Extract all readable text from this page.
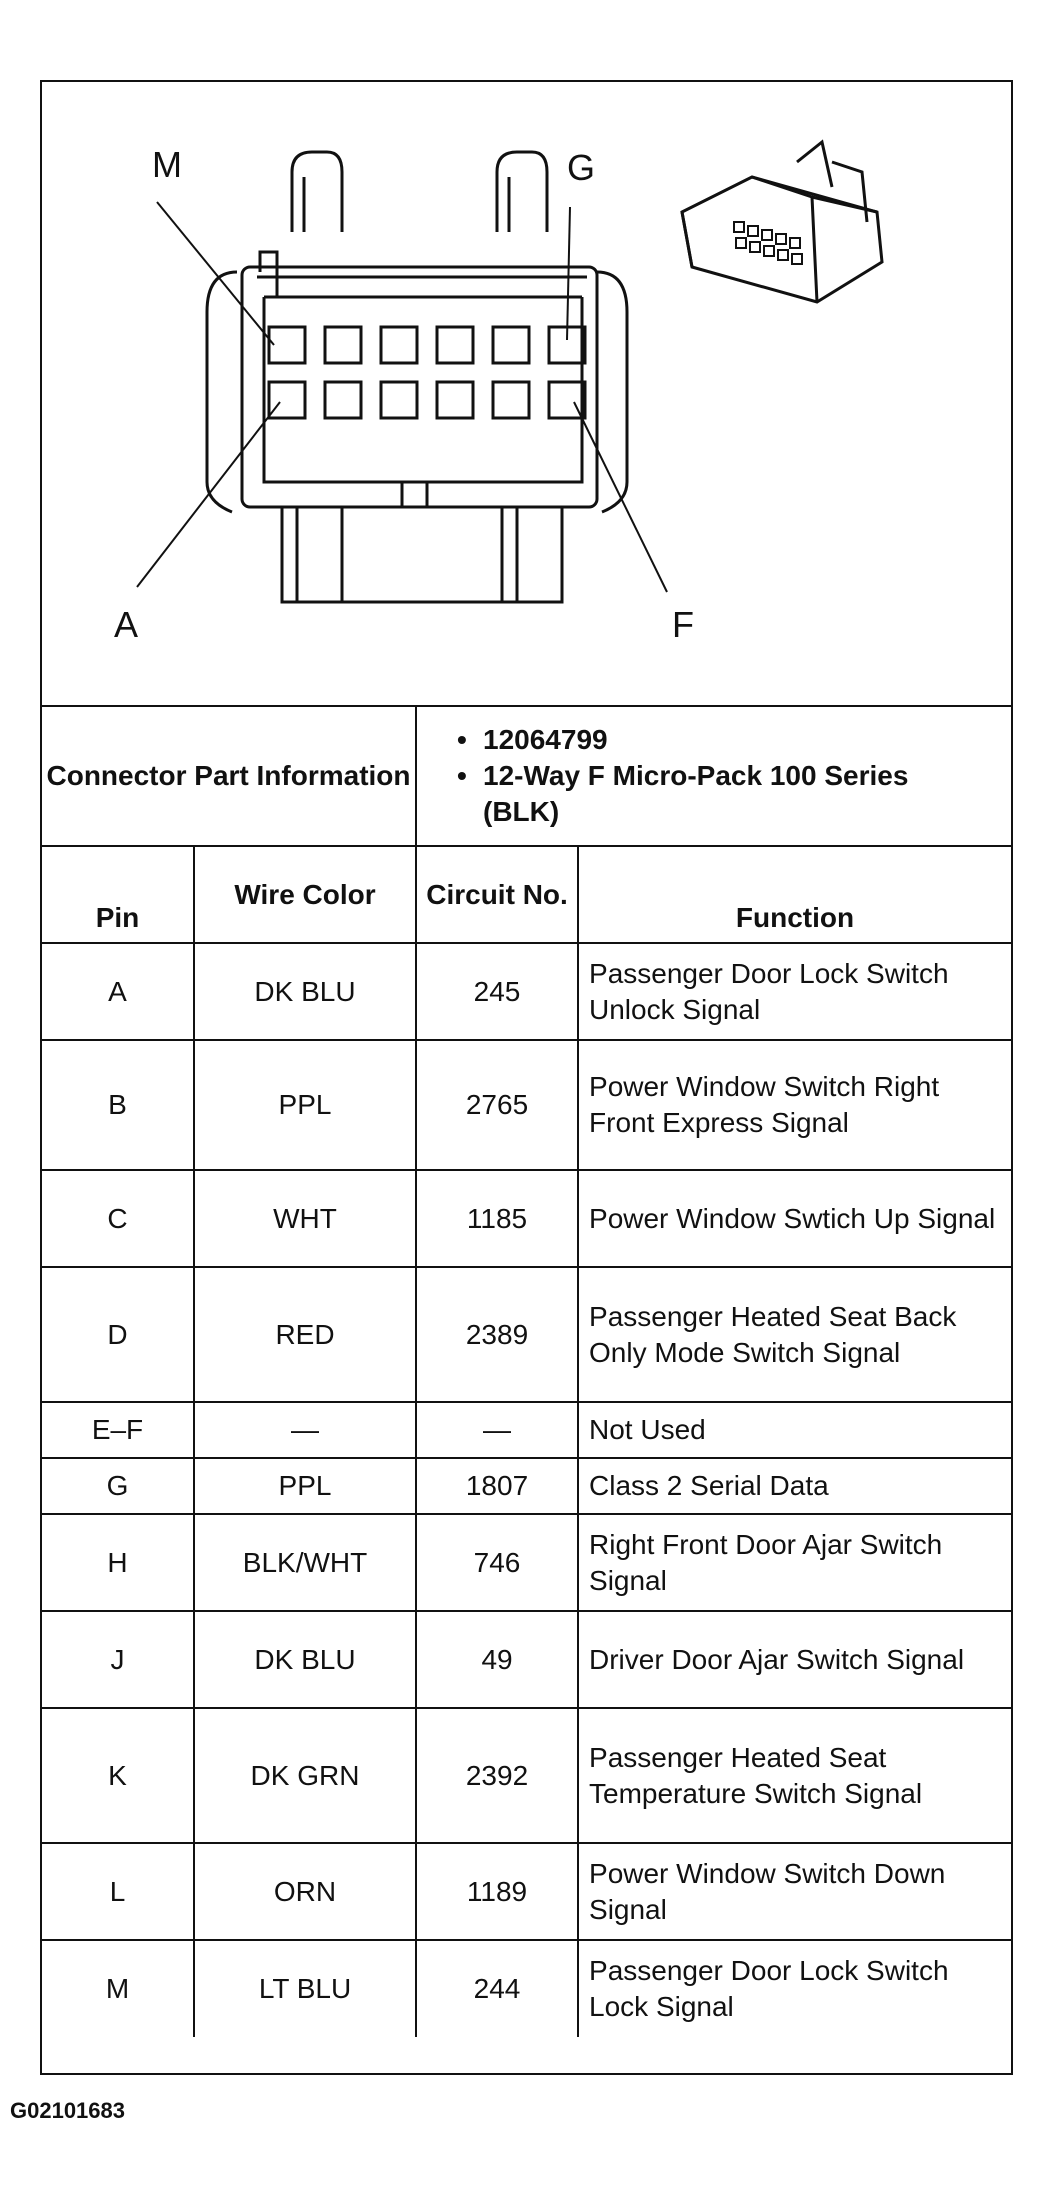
M	G
A	F
Connector Part Information		• 12064799
• 12-Way F Micro-Pack 100 Series (BLK)	

Pin	Wire Color	Circuit No.	Function
A	DK BLU	245	Passenger Door Lock Switch Unlock Signal
B	PPL	2765	Power Window Switch Right Front Express Signal
C	WHT	1185	Power Window Swtich Up Signal
D	RED	2389	Passenger Heated Seat Back Only Mode Switch Signal
E–F	—	—	Not Used
G	PPL	1807	Class 2 Serial Data
H	BLK/WHT	746	Right Front Door Ajar Switch Signal
J	DK BLU	49	Driver Door Ajar Switch Signal
K	DK GRN	2392	Passenger Heated Seat Temperature Switch Signal
L	ORN	1189	Power Window Switch Down Signal
M	LT BLU	244	Passenger Door Lock Switch Lock Signal
G02101683
